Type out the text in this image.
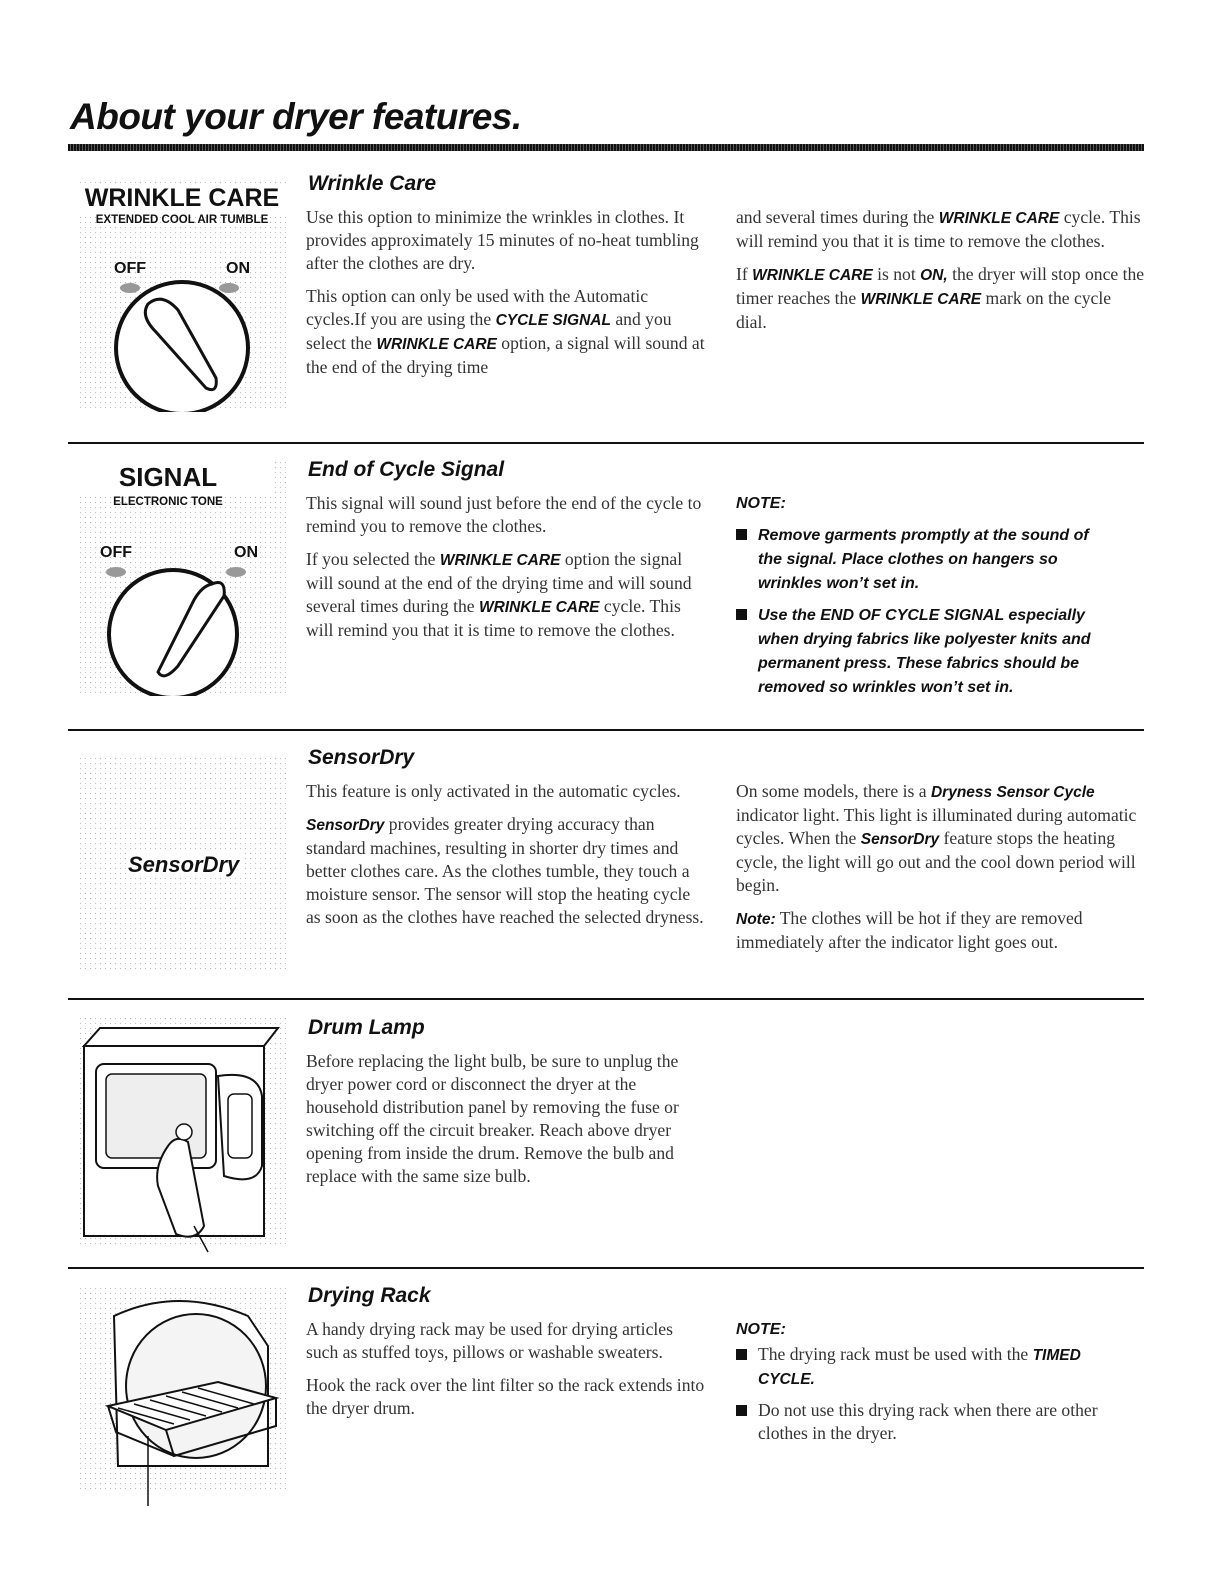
About your dryer features.
WRINKLE CARE
EXTENDED COOL AIR TUMBLE
OFF	ON
Wrinkle Care

Use this option to minimize the wrinkles in clothes. It provides approximately 15 minutes of no-heat tumbling after the clothes are dry.

This option can only be used with the Automatic cycles.If you are using the CYCLE SIGNAL and you select the WRINKLE CARE option, a signal will sound at the end of the drying time

and several times during the WRINKLE CARE cycle. This will remind you that it is time to remove the clothes.

If WRINKLE CARE is not ON, the dryer will stop once the timer reaches the WRINKLE CARE mark on the cycle dial.

SIGNAL
ELECTRONIC TONE
OFF	ON
End of Cycle Signal

This signal will sound just before the end of the cycle to remind you to remove the clothes.

If you selected the WRINKLE CARE option the signal will sound at the end of the drying time and will sound several times during the WRINKLE CARE cycle. This will remind you that it is time to remove the clothes.

NOTE:
Remove garments promptly at the sound of the signal. Place clothes on hangers so wrinkles won’t set in.
Use the END OF CYCLE SIGNAL especially when drying fabrics like polyester knits and permanent press. These fabrics should be removed so wrinkles won’t set in.
SensorDry
SensorDry

This feature is only activated in the automatic cycles.

SensorDry provides greater drying accuracy than standard machines, resulting in shorter dry times and better clothes care. As the clothes tumble, they touch a moisture sensor. The sensor will stop the heating cycle as soon as the clothes have reached the selected dryness.

On some models, there is a Dryness Sensor Cycle indicator light. This light is illuminated during automatic cycles. When the SensorDry feature stops the heating cycle, the light will go out and the cool down period will begin.

Note: The clothes will be hot if they are removed immediately after the indicator light goes out.

Drum Lamp

Before replacing the light bulb, be sure to unplug the dryer power cord or disconnect the dryer at the household distribution panel by removing the fuse or switching off the circuit breaker. Reach above dryer opening from inside the drum. Remove the bulb and replace with the same size bulb.

Drying Rack

A handy drying rack may be used for drying articles such as stuffed toys, pillows or washable sweaters.

Hook the rack over the lint filter so the rack extends into the dryer drum.

NOTE:
The drying rack must be used with the TIMED CYCLE.
Do not use this drying rack when there are other clothes in the dryer.
